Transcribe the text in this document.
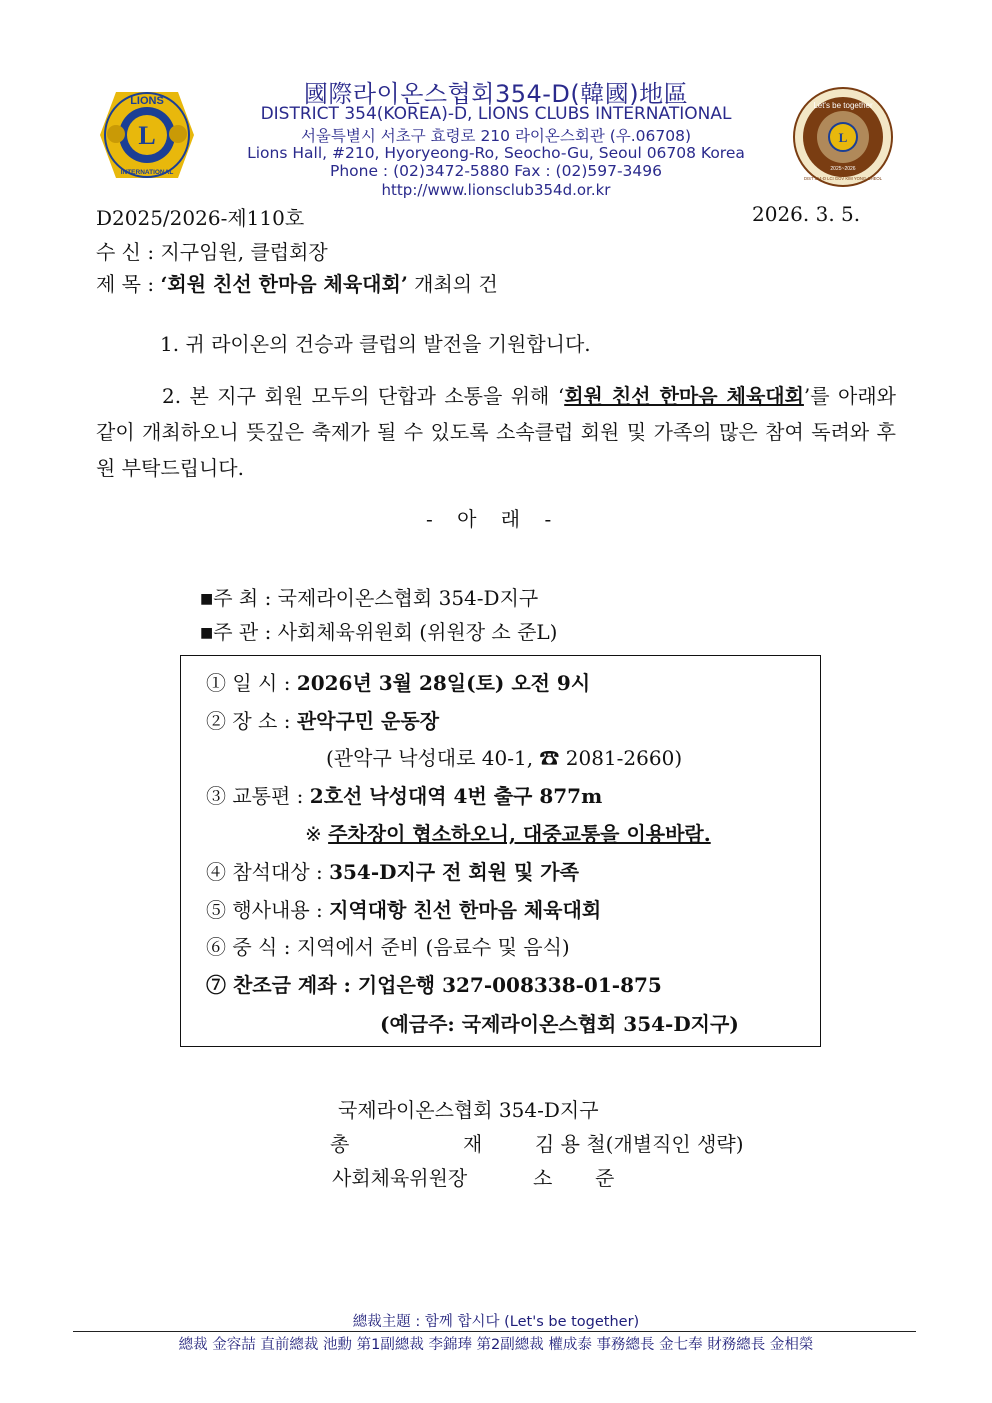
L
LIONS
INTERNATIONAL
L
Let's be together
2025~2026
DIST 354-D LCI GOV KIM YONG-CHEOL
國際라이온스협회354-D(韓國)地區
DISTRICT 354(KOREA)-D, LIONS CLUBS INTERNATIONAL
서울특별시 서초구 효령로 210 라이온스회관 (우.06708)
Lions Hall, #210, Hyoryeong-Ro, Seocho-Gu, Seoul 06708 Korea
Phone : (02)3472-5880 Fax : (02)597-3496
http://www.lionsclub354d.or.kr
D2025/2026-제110호	2026. 3. 5.
수 신 : 지구임원, 클럽회장
제 목 : ‘회원 친선 한마음 체육대회’ 개최의 건
1. 귀 라이온의 건승과 클럽의 발전을 기원합니다.
2. 본 지구 회원 모두의 단합과 소통을 위해 ‘회원 친선 한마음 체육대회’를 아래와 같이 개최하오니 뜻깊은 축제가 될 수 있도록 소속클럽 회원 및 가족의 많은 참여 독려와 후원 부탁드립니다.
- 아 래 -
■주 최 : 국제라이온스협회 354-D지구
■주 관 : 사회체육위원회 (위원장 소 준L)
① 일 시 : 2026년 3월 28일(토) 오전 9시
② 장 소 : 관악구민 운동장
(관악구 낙성대로 40-1, ☎ 2081-2660)
③ 교통편 : 2호선 낙성대역 4번 출구 877m
※ 주차장이 협소하오니, 대중교통을 이용바람.
④ 참석대상 : 354-D지구 전 회원 및 가족
⑤ 행사내용 : 지역대항 친선 한마음 체육대회
⑥ 중 식 : 지역에서 준비 (음료수 및 음식)
⑦ 찬조금 계좌 : 기업은행 327-008338-01-875
(예금주: 국제라이온스협회 354-D지구)
국제라이온스협회 354-D지구
총	재	김 용 철(개별직인 생략)
사회체육위원장	소 준
總裁主題 : 함께 합시다 (Let's be together)
總裁 金容喆 直前總裁 池勳 第1副總裁 李錦琫 第2副總裁 權成泰 事務總長 金七奉 財務總長 金相榮
